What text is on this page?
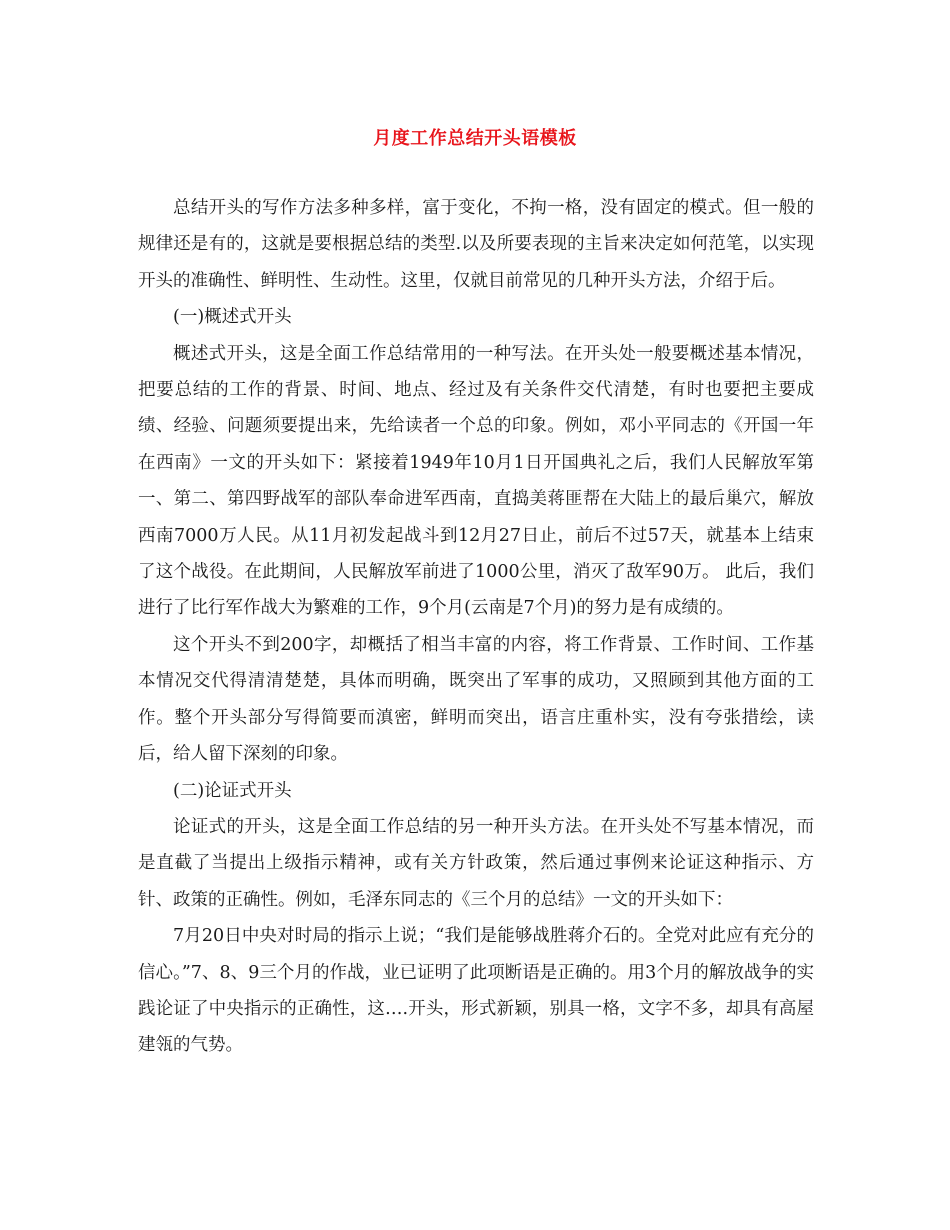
月度工作总结开头语模板

总结开头的写作方法多种多样，富于变化，不拘一格，没有固定的模式。但一般的规律还是有的，这就是要根据总结的类型.以及所要表现的主旨来决定如何范笔，以实现开头的准确性、鲜明性、生动性。这里，仅就目前常见的几种开头方法，介绍于后。

(一)概述式开头

概述式开头，这是全面工作总结常用的一种写法。在开头处一般要概述基本情况，把要总结的工作的背景、时间、地点、经过及有关条件交代清楚，有时也要把主要成绩、经验、问题须要提出来，先给读者一个总的印象。例如，邓小平同志的《开国一年在西南》一文的开头如下：紧接着1949年10月1日开国典礼之后，我们人民解放军第一、第二、第四野战军的部队奉命进军西南，直捣美蒋匪帮在大陆上的最后巢穴，解放西南7000万人民。从11月初发起战斗到12月27日止，前后不过57天，就基本上结束了这个战役。在此期间，人民解放军前进了1000公里，消灭了敌军90万。 此后，我们进行了比行军作战大为繁难的工作，9个月(云南是7个月)的努力是有成绩的。

这个开头不到200字，却概括了相当丰富的内容，将工作背景、工作时间、工作基本情况交代得清清楚楚，具体而明确，既突出了军事的成功，又照顾到其他方面的工作。整个开头部分写得简要而滇密，鲜明而突出，语言庄重朴实，没有夸张措绘，读后，给人留下深刻的印象。

(二)论证式开头

论证式的开头，这是全面工作总结的另一种开头方法。在开头处不写基本情况，而是直截了当提出上级指示精神，或有关方针政策，然后通过事例来论证这种指示、方针、政策的正确性。例如，毛泽东同志的《三个月的总结》一文的开头如下：

7月20日中央对时局的指示上说；“我们是能够战胜蒋介石的。全党对此应有充分的信心。”7、8、9三个月的作战，业已证明了此项断语是正确的。用3个月的解放战争的实践论证了中央指示的正确性，这….开头，形式新颖，别具一格，文字不多，却具有高屋建瓴的气势。
